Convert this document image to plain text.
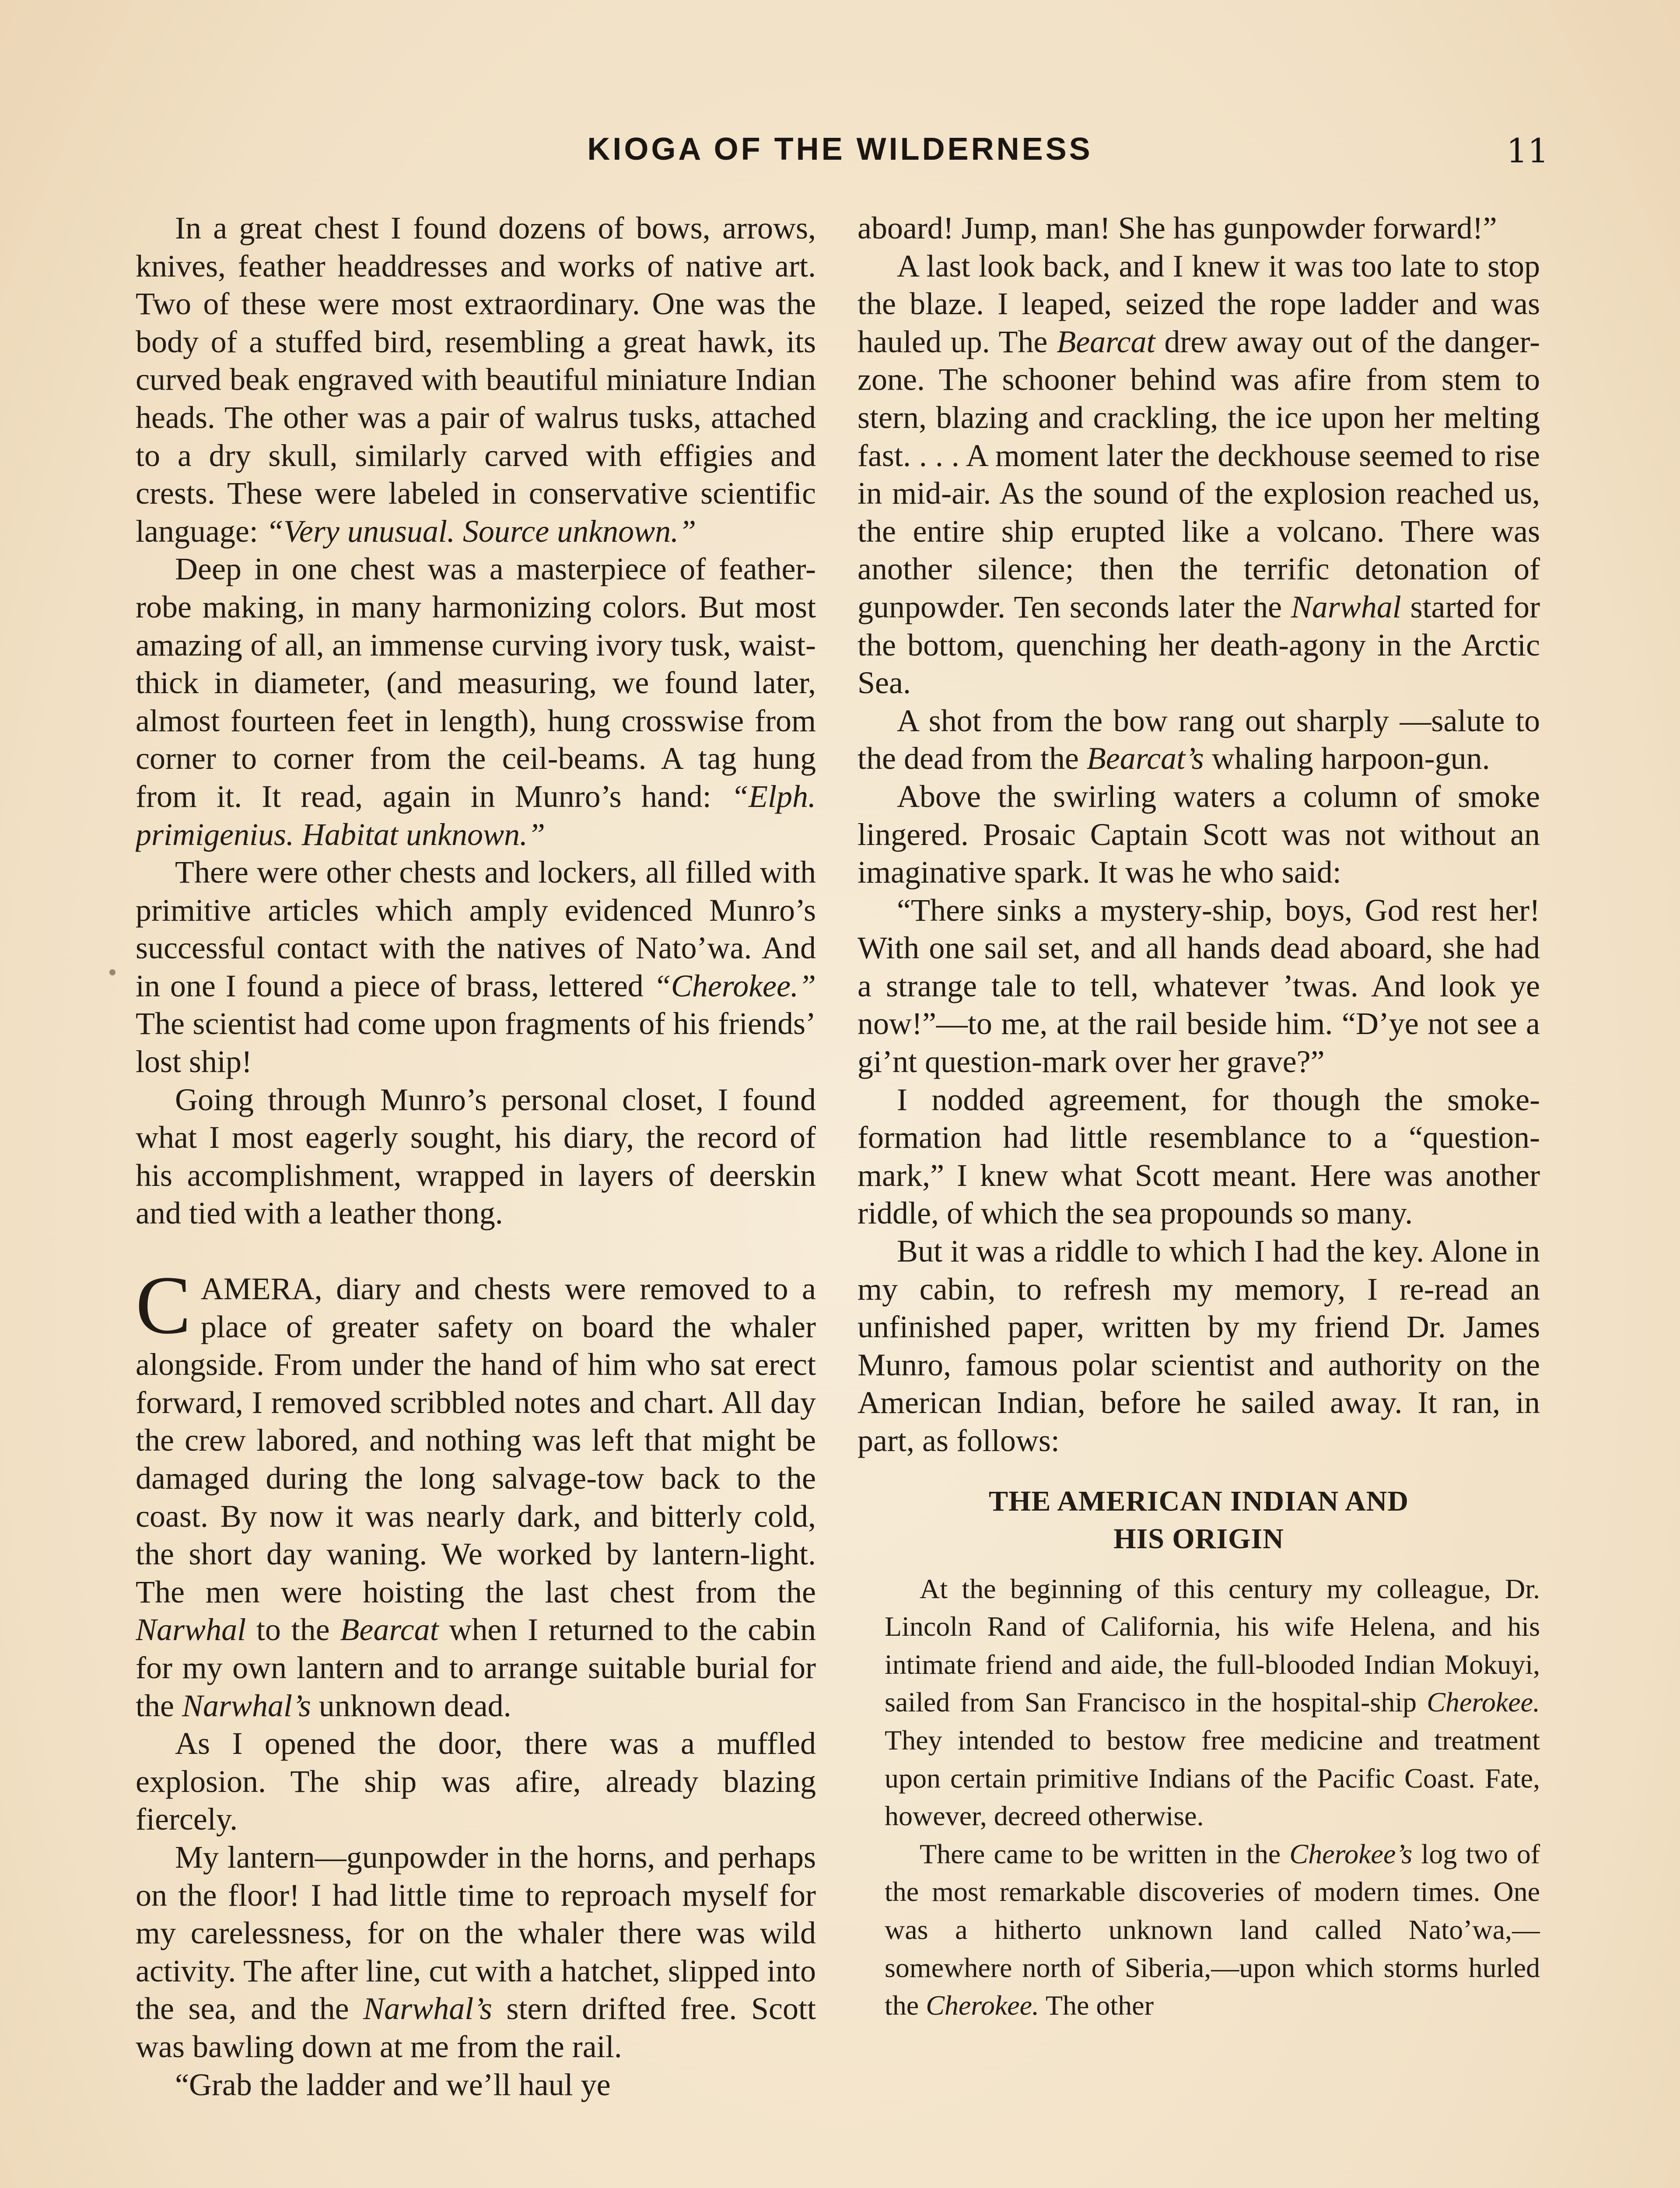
KIOGA OF THE WILDERNESS	11

In a great chest I found dozens of bows, arrows, knives, feather headdresses and works of native art. Two of these were most extraordinary. One was the body of a stuffed bird, resembling a great hawk, its curved beak engraved with beautiful miniature Indian heads. The other was a pair of walrus tusks, attached to a dry skull, similarly carved with effigies and crests. These were labeled in conservative scientific language: “Very unusual. Source unknown.”

Deep in one chest was a masterpiece of feather-robe making, in many harmonizing colors. But most amazing of all, an immense curving ivory tusk, waist-thick in diameter, (and measuring, we found later, almost fourteen feet in length), hung crosswise from corner to corner from the ceil-beams. A tag hung from it. It read, again in Munro’s hand: “Elph. primigenius. Habitat unknown.”

There were other chests and lockers, all filled with primitive articles which amply evidenced Munro’s successful contact with the natives of Nato’wa. And in one I found a piece of brass, lettered “Cherokee.” The scientist had come upon fragments of his friends’ lost ship!

Going through Munro’s personal closet, I found what I most eagerly sought, his diary, the record of his accomplishment, wrapped in layers of deerskin and tied with a leather thong.

CAMERA, diary and chests were removed to a place of greater safety on board the whaler alongside. From under the hand of him who sat erect forward, I removed scribbled notes and chart. All day the crew labored, and nothing was left that might be damaged during the long salvage-tow back to the coast. By now it was nearly dark, and bitterly cold, the short day waning. We worked by lantern-light. The men were hoisting the last chest from the Narwhal to the Bearcat when I returned to the cabin for my own lantern and to arrange suitable burial for the Narwhal’s unknown dead.

As I opened the door, there was a muffled explosion. The ship was afire, already blazing fiercely.

My lantern—gunpowder in the horns, and perhaps on the floor! I had little time to reproach myself for my carelessness, for on the whaler there was wild activity. The after line, cut with a hatchet, slipped into the sea, and the Narwhal’s stern drifted free. Scott was bawling down at me from the rail.

“Grab the ladder and we’ll haul ye

aboard! Jump, man! She has gunpowder forward!”

A last look back, and I knew it was too late to stop the blaze. I leaped, seized the rope ladder and was hauled up. The Bearcat drew away out of the danger-zone. The schooner behind was afire from stem to stern, blazing and crackling, the ice upon her melting fast. . . . A moment later the deckhouse seemed to rise in mid-air. As the sound of the explosion reached us, the entire ship erupted like a volcano. There was another silence; then the terrific detonation of gunpowder. Ten seconds later the Narwhal started for the bottom, quenching her death-agony in the Arctic Sea.

A shot from the bow rang out sharply —salute to the dead from the Bearcat’s whaling harpoon-gun.

Above the swirling waters a column of smoke lingered. Prosaic Captain Scott was not without an imaginative spark. It was he who said:

“There sinks a mystery-ship, boys, God rest her! With one sail set, and all hands dead aboard, she had a strange tale to tell, whatever ’twas. And look ye now!”—to me, at the rail beside him. “D’ye not see a gi’nt question-mark over her grave?”

I nodded agreement, for though the smoke-formation had little resemblance to a “question-mark,” I knew what Scott meant. Here was another riddle, of which the sea propounds so many.

But it was a riddle to which I had the key. Alone in my cabin, to refresh my memory, I re-read an unfinished paper, written by my friend Dr. James Munro, famous polar scientist and authority on the American Indian, before he sailed away. It ran, in part, as follows:

THE AMERICAN INDIAN AND
HIS ORIGIN

At the beginning of this century my colleague, Dr. Lincoln Rand of California, his wife Helena, and his intimate friend and aide, the full-blooded Indian Mokuyi, sailed from San Francisco in the hospital-ship Cherokee. They intended to bestow free medicine and treatment upon certain primitive Indians of the Pacific Coast. Fate, however, decreed otherwise.

There came to be written in the Cherokee’s log two of the most remarkable discoveries of modern times. One was a hitherto unknown land called Nato’wa,—somewhere north of Siberia,—upon which storms hurled the Cherokee. The other
